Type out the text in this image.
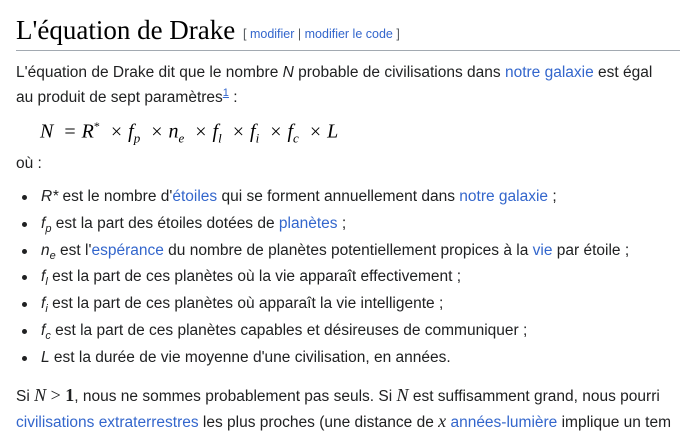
L'équation de Drake [ modifier | modifier le code ]
L'équation de Drake dit que le nombre N probable de civilisations dans notre galaxie est égal
au produit de sept paramètres$^1$ :
$N = R^* \times f_p \times n_e \times f_l \times f_i \times f_c \times L$
où :
R* est le nombre d'étoiles qui se forment annuellement dans notre galaxie ;
$f_p$ est la part des étoiles dotées de planètes ;
$n_e$ est l'espérance du nombre de planètes potentiellement propices à la vie par étoile ;
$f_l$ est la part de ces planètes où la vie apparaît effectivement ;
$f_i$ est la part de ces planètes où apparaît la vie intelligente ;
$f_c$ est la part de ces planètes capables et désireuses de communiquer ;
L est la durée de vie moyenne d'une civilisation, en années.
Si N > 1, nous ne sommes probablement pas seuls. Si N est suffisamment grand, nous pourri
civilisations extraterrestres les plus proches (une distance de x années-lumière implique un tem
